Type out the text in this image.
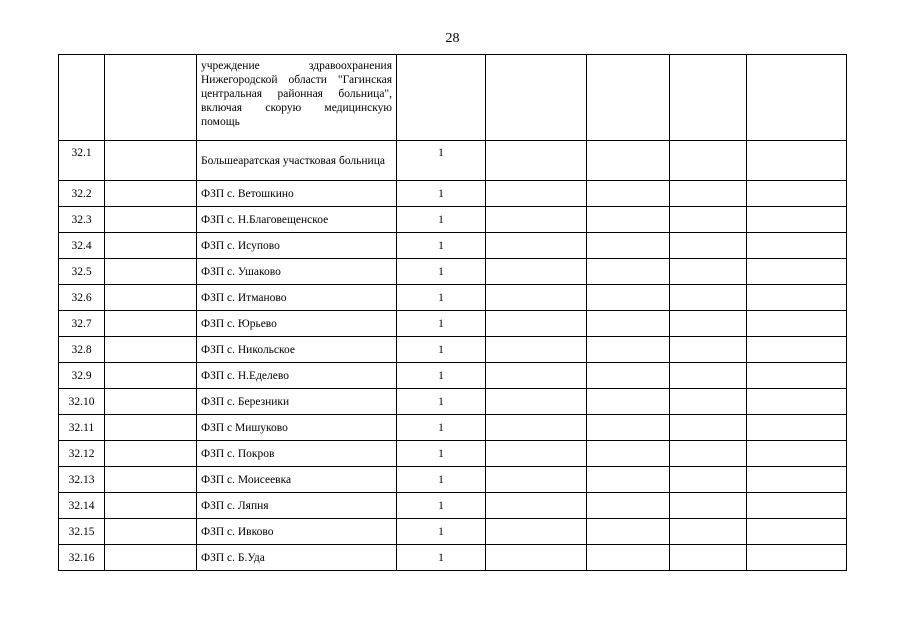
28
		учреждение здравоохранения Нижегородской области "Гагинская центральная районная больница", включая скорую медицинскую помощь					
32.1		Большеаратская участковая больница	1				
32.2		ФЗП с. Ветошкино	1				
32.3		ФЗП с. Н.Благовещенское	1				
32.4		ФЗП с. Исупово	1				
32.5		ФЗП с. Ушаково	1				
32.6		ФЗП с. Итманово	1				
32.7		ФЗП с. Юрьево	1				
32.8		ФЗП с. Никольское	1				
32.9		ФЗП с. Н.Еделево	1				
32.10		ФЗП с. Березники	1				
32.11		ФЗП с Мишуково	1				
32.12		ФЗП с. Покров	1				
32.13		ФЗП с. Моисеевка	1				
32.14		ФЗП с. Ляпня	1				
32.15		ФЗП с. Ивково	1				
32.16		ФЗП с. Б.Уда	1				
